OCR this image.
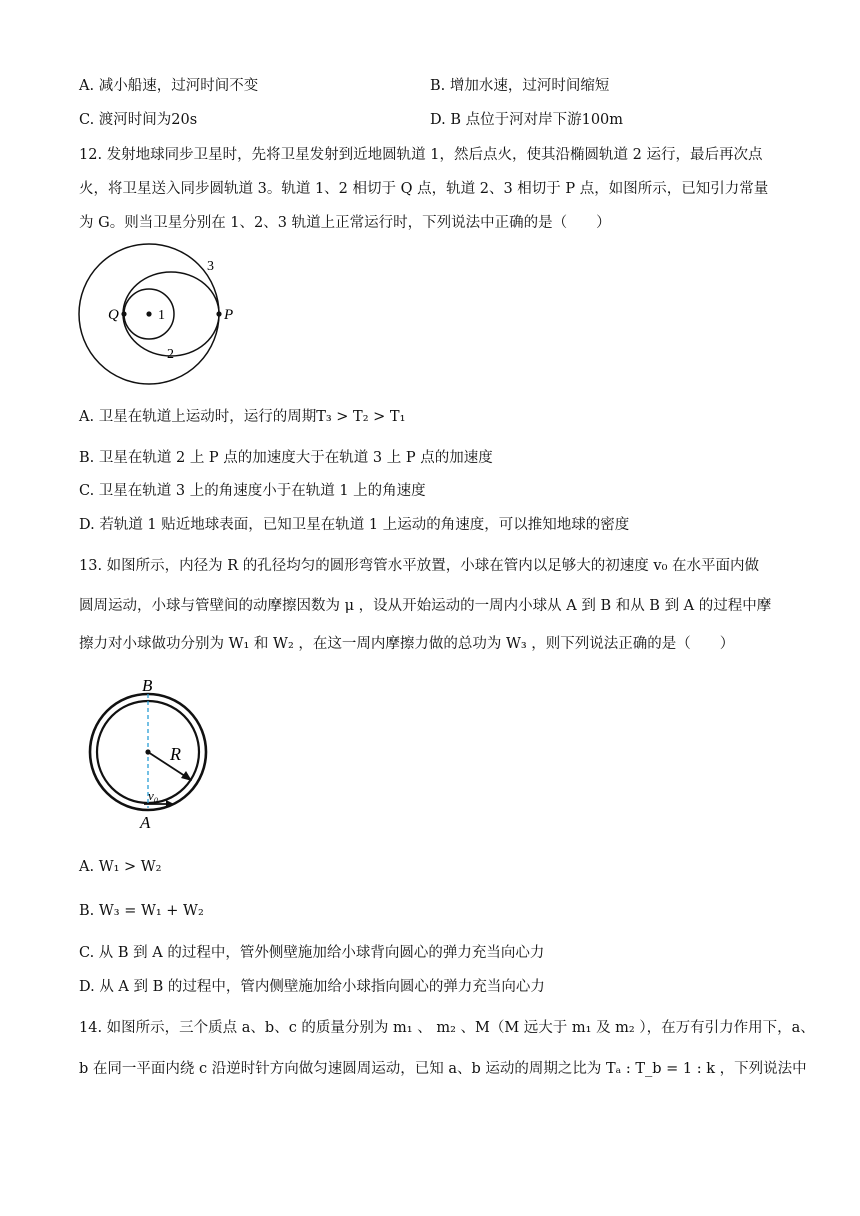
A. 减小船速，过河时间不变	B. 增加水速，过河时间缩短
C. 渡河时间为20s	D. B 点位于河对岸下游100m
12. 发射地球同步卫星时，先将卫星发射到近地圆轨道 1，然后点火，使其沿椭圆轨道 2 运行，最后再次点
火，将卫星送入同步圆轨道 3。轨道 1、2 相切于 Q 点，轨道 2、3 相切于 P 点，如图所示，已知引力常量
为 G。则当卫星分别在 1、2、3 轨道上正常运行时，下列说法中正确的是（　　）
Q	P
1
2
3
A. 卫星在轨道上运动时，运行的周期T₃ > T₂ > T₁
B. 卫星在轨道 2 上 P 点的加速度大于在轨道 3 上 P 点的加速度
C. 卫星在轨道 3 上的角速度小于在轨道 1 上的角速度
D. 若轨道 1 贴近地球表面，已知卫星在轨道 1 上运动的角速度，可以推知地球的密度
13. 如图所示，内径为 R 的孔径均匀的圆形弯管水平放置，小球在管内以足够大的初速度 v₀ 在水平面内做
圆周运动，小球与管壁间的动摩擦因数为 μ ，设从开始运动的一周内小球从 A 到 B 和从 B 到 A 的过程中摩
擦力对小球做功分别为 W₁ 和 W₂ ，在这一周内摩擦力做的总功为 W₃ ，则下列说法正确的是（　　）
R
B
A
v₀
A. W₁ > W₂
B. W₃ = W₁ + W₂
C. 从 B 到 A 的过程中，管外侧壁施加给小球背向圆心的弹力充当向心力
D. 从 A 到 B 的过程中，管内侧壁施加给小球指向圆心的弹力充当向心力
14. 如图所示，三个质点 a、b、c 的质量分别为 m₁ 、 m₂ 、M（M 远大于 m₁ 及 m₂ ），在万有引力作用下，a、
b 在同一平面内绕 c 沿逆时针方向做匀速圆周运动，已知 a、b 运动的周期之比为 Tₐ : T_b = 1 : k ，下列说法中
